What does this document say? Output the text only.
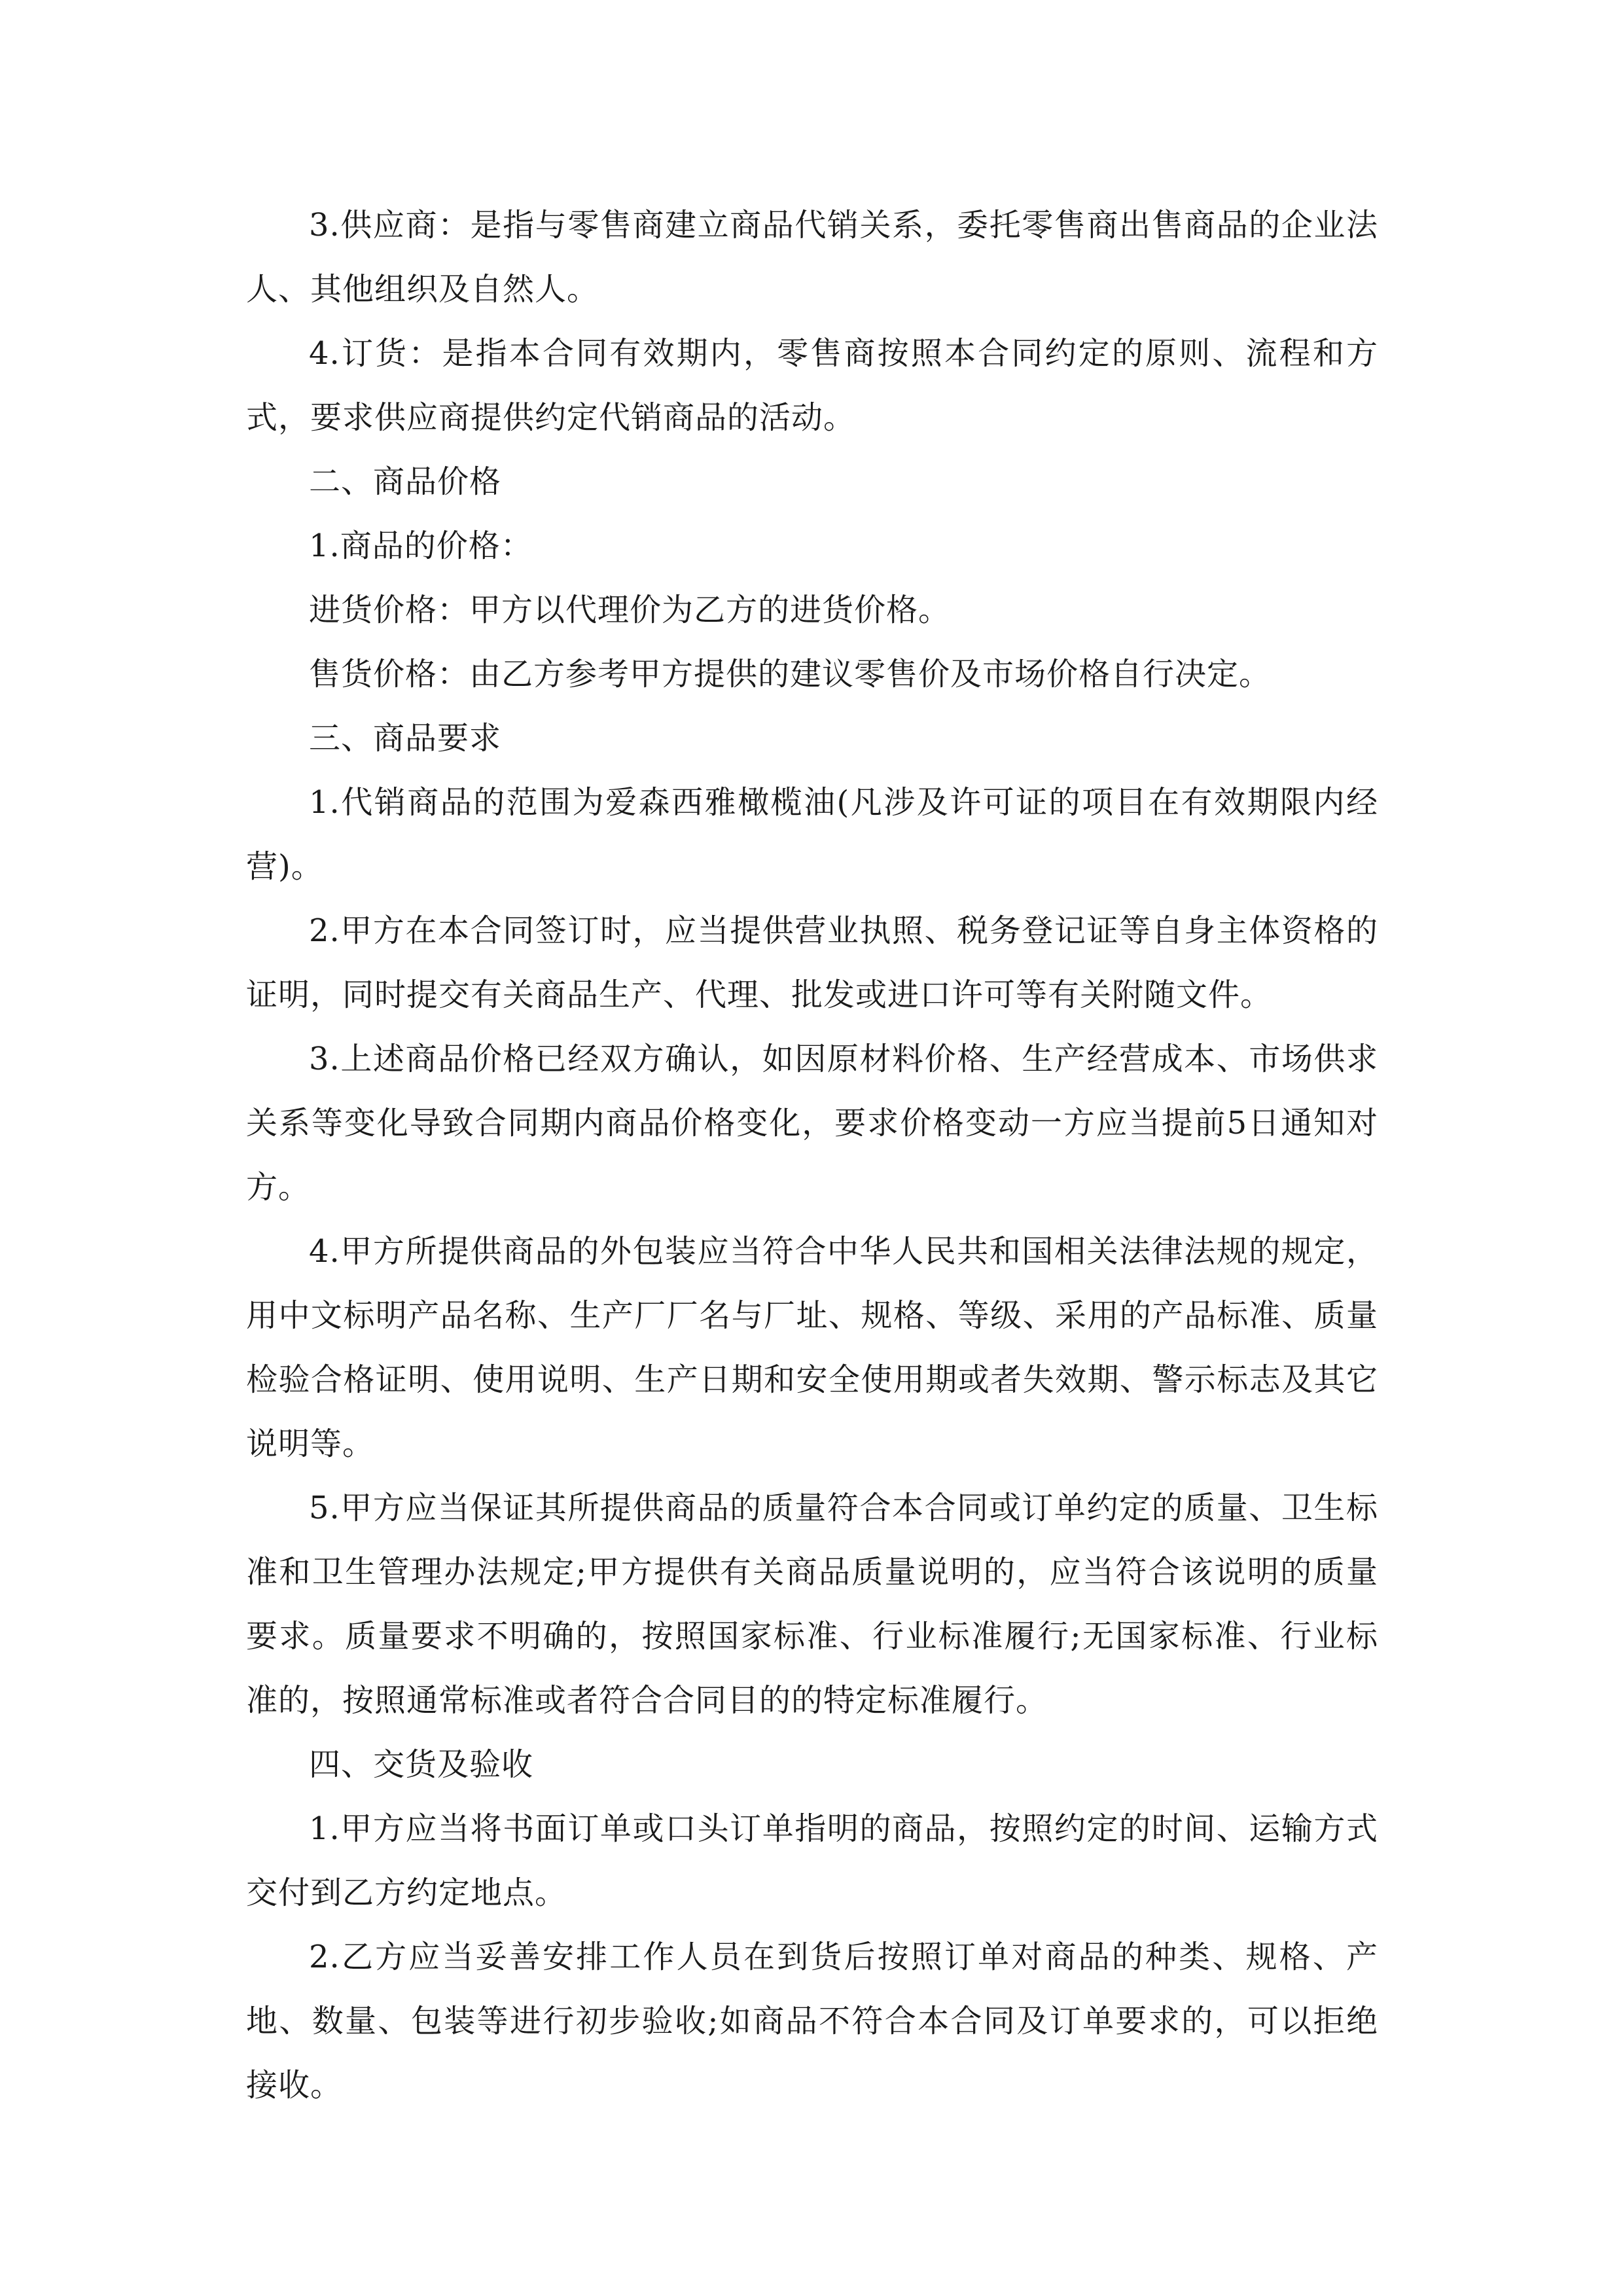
3.供应商：是指与零售商建立商品代销关系，委托零售商出售商品的企业法人、其他组织及自然人。

4.订货：是指本合同有效期内，零售商按照本合同约定的原则、流程和方式，要求供应商提供约定代销商品的活动。

二、商品价格

1.商品的价格：

进货价格：甲方以代理价为乙方的进货价格。

售货价格：由乙方参考甲方提供的建议零售价及市场价格自行决定。

三、商品要求

1.代销商品的范围为爱森西雅橄榄油(凡涉及许可证的项目在有效期限内经营)。

2.甲方在本合同签订时，应当提供营业执照、税务登记证等自身主体资格的证明，同时提交有关商品生产、代理、批发或进口许可等有关附随文件。

3.上述商品价格已经双方确认，如因原材料价格、生产经营成本、市场供求关系等变化导致合同期内商品价格变化，要求价格变动一方应当提前5日通知对方。

4.甲方所提供商品的外包装应当符合中华人民共和国相关法律法规的规定，用中文标明产品名称、生产厂厂名与厂址、规格、等级、采用的产品标准、质量检验合格证明、使用说明、生产日期和安全使用期或者失效期、警示标志及其它说明等。

5.甲方应当保证其所提供商品的质量符合本合同或订单约定的质量、卫生标准和卫生管理办法规定;甲方提供有关商品质量说明的，应当符合该说明的质量要求。质量要求不明确的，按照国家标准、行业标准履行;无国家标准、行业标准的，按照通常标准或者符合合同目的的特定标准履行。

四、交货及验收

1.甲方应当将书面订单或口头订单指明的商品，按照约定的时间、运输方式交付到乙方约定地点。

2.乙方应当妥善安排工作人员在到货后按照订单对商品的种类、规格、产地、数量、包装等进行初步验收;如商品不符合本合同及订单要求的，可以拒绝接收。
